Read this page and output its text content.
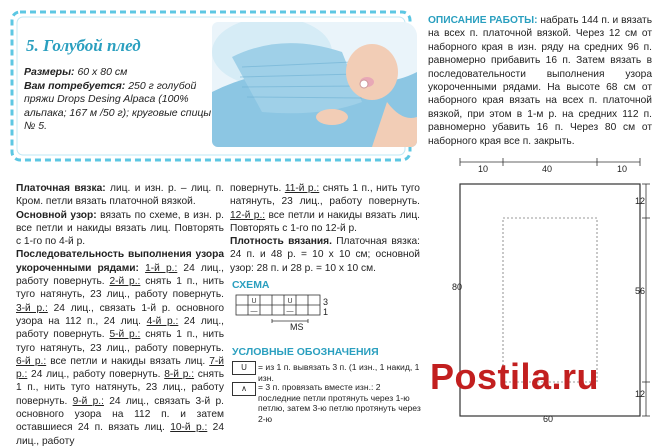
5. Голубой плед
Размеры: 60 х 80 см
Вам потребуется: 250 г голубой пряжи Drops Desing Alpaca (100% альпака; 167 м /50 г); круговые спицы № 5.
ОПИСАНИЕ РАБОТЫ: набрать 144 п. и вязать на всех п. платочной вязкой. Через 12 см от наборного края в изн. ряду на средних 96 п. равномерно прибавить 16 п. Затем вязать в последовательности выполнения узора укороченными рядами. На высоте 68 см от наборного края вязать на всех п. платочной вязкой, при этом в 1-м р. на средних 112 п. равномерно убавить 16 п. Через 80 см от наборного края все п. закрыть.
Платочная вязка: лиц. и изн. р. – лиц. п. Кром. петли вязать платочной вязкой.
Основной узор: вязать по схеме, в изн. р. все петли и накиды вязать лиц. Повторять с 1-го по 4-й р.
Последовательность выполнения узора укороченными рядами: 1-й р.: 24 лиц., работу повернуть. 2-й р.: снять 1 п., нить туго натянуть, 23 лиц., работу повернуть. 3-й р.: 24 лиц., связать 1-й р. основного узора на 112 п., 24 лиц. 4-й р.: 24 лиц., работу повернуть. 5-й р.: снять 1 п., нить туго натянуть, 23 лиц., работу повернуть. 6-й р.: все петли и накиды вязать лиц. 7-й р.: 24 лиц., работу повернуть. 8-й р.: снять 1 п., нить туго натянуть, 23 лиц., работу повернуть. 9-й р.: 24 лиц., связать 3-й р. основного узора на 112 п. и затем оставшиеся 24 п. вязать лиц. 10-й р.: 24 лиц., работу
повернуть. 11-й р.: снять 1 п., нить туго натянуть, 23 лиц., работу повернуть. 12-й р.: все петли и накиды вязать лиц. Повторять с 1-го по 12-й р.
Плотность вязания. Платочная вязка: 24 п. и 48 р. = 10 х 10 см; основной узор: 28 п. и 28 р. = 10 х 10 см.
СХЕМА
U	U
—	—
3
1
MS
УСЛОВНЫЕ ОБОЗНАЧЕНИЯ
U	= из 1 п. вывязать 3 п. (1 изн., 1 накид, 1 изн.
∧	= 3 п. провязать вместе изн.: 2 последние петли протянуть через 1-ю петлю, затем 3-ю петлю протянуть через 2-ю
10	40	10
12
56
12
80
60
Postila.ru
